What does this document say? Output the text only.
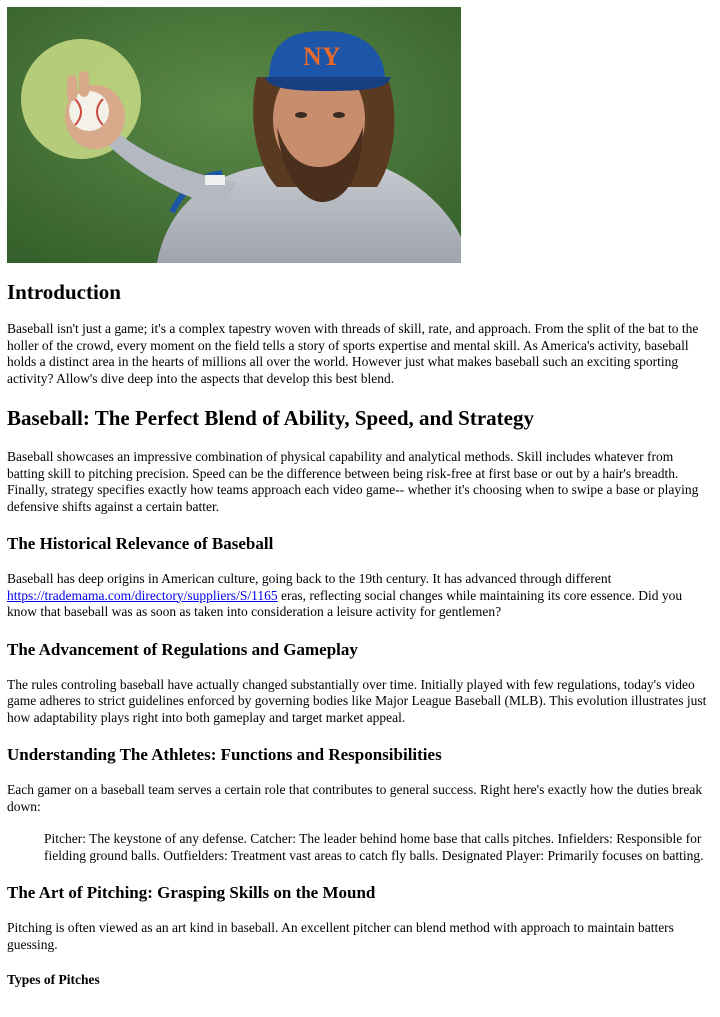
NY
Introduction

Baseball isn't just a game; it's a complex tapestry woven with threads of skill, rate, and approach. From the split of the bat to the holler of the crowd, every moment on the field tells a story of sports expertise and mental skill. As America's activity, baseball holds a distinct area in the hearts of millions all over the world. However just what makes baseball such an exciting sporting activity? Allow's dive deep into the aspects that develop this best blend.

Baseball: The Perfect Blend of Ability, Speed, and Strategy

Baseball showcases an impressive combination of physical capability and analytical methods. Skill includes whatever from batting skill to pitching precision. Speed can be the difference between being risk-free at first base or out by a hair's breadth. Finally, strategy specifies exactly how teams approach each video game-- whether it's choosing when to swipe a base or playing defensive shifts against a certain batter.

The Historical Relevance of Baseball

Baseball has deep origins in American culture, going back to the 19th century. It has advanced through different https://trademama.com/directory/suppliers/S/1165 eras, reflecting social changes while maintaining its core essence. Did you know that baseball was as soon as taken into consideration a leisure activity for gentlemen?

The Advancement of Regulations and Gameplay

The rules controling baseball have actually changed substantially over time. Initially played with few regulations, today's video game adheres to strict guidelines enforced by governing bodies like Major League Baseball (MLB). This evolution illustrates just how adaptability plays right into both gameplay and target market appeal.

Understanding The Athletes: Functions and Responsibilities

Each gamer on a baseball team serves a certain role that contributes to general success. Right here's exactly how the duties break down:

Pitcher: The keystone of any defense. Catcher: The leader behind home base that calls pitches. Infielders: Responsible for fielding ground balls. Outfielders: Treatment vast areas to catch fly balls. Designated Player: Primarily focuses on batting.
The Art of Pitching: Grasping Skills on the Mound

Pitching is often viewed as an art kind in baseball. An excellent pitcher can blend method with approach to maintain batters guessing.

Types of Pitches
